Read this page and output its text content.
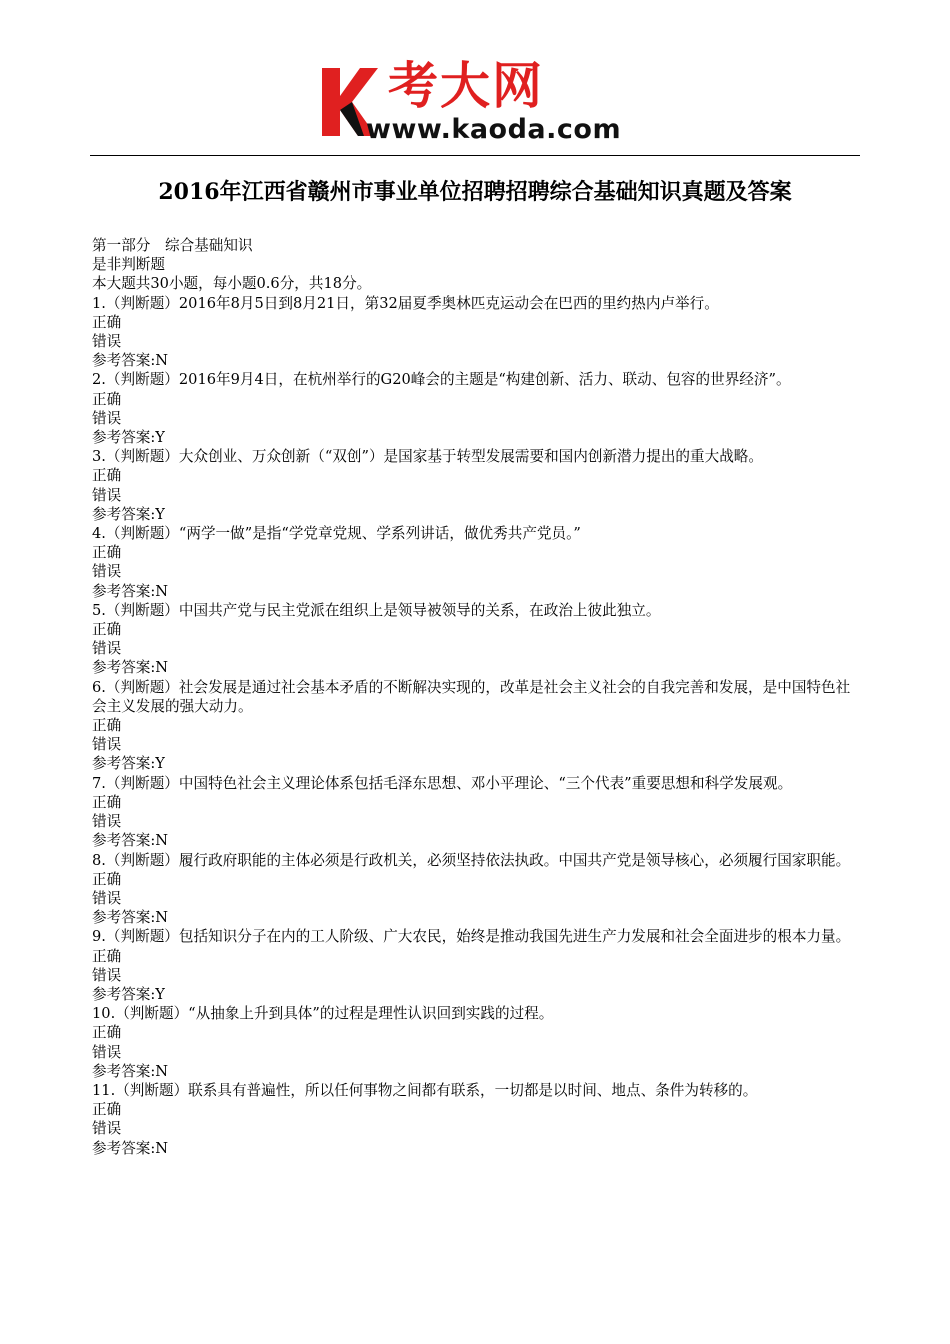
考大网
www.kaoda.com
2016年江西省赣州市事业单位招聘招聘综合基础知识真题及答案
第一部分　综合基础知识
是非判断题
本大题共30小题，每小题0.6分，共18分。
1.（判断题）2016年8月5日到8月21日，第32届夏季奥林匹克运动会在巴西的里约热内卢举行。
正确
错误
参考答案:N
2.（判断题）2016年9月4日，在杭州举行的G20峰会的主题是“构建创新、活力、联动、包容的世界经济”。
正确
错误
参考答案:Y
3.（判断题）大众创业、万众创新（“双创”）是国家基于转型发展需要和国内创新潜力提出的重大战略。
正确
错误
参考答案:Y
4.（判断题）“两学一做”是指“学党章党规、学系列讲话，做优秀共产党员。”
正确
错误
参考答案:N
5.（判断题）中国共产党与民主党派在组织上是领导被领导的关系，在政治上彼此独立。
正确
错误
参考答案:N
6.（判断题）社会发展是通过社会基本矛盾的不断解决实现的，改革是社会主义社会的自我完善和发展，是中国特色社会主义发展的强大动力。
正确
错误
参考答案:Y
7.（判断题）中国特色社会主义理论体系包括毛泽东思想、邓小平理论、“三个代表”重要思想和科学发展观。
正确
错误
参考答案:N
8.（判断题）履行政府职能的主体必须是行政机关，必须坚持依法执政。中国共产党是领导核心，必须履行国家职能。
正确
错误
参考答案:N
9.（判断题）包括知识分子在内的工人阶级、广大农民，始终是推动我国先进生产力发展和社会全面进步的根本力量。
正确
错误
参考答案:Y
10.（判断题）“从抽象上升到具体”的过程是理性认识回到实践的过程。
正确
错误
参考答案:N
11.（判断题）联系具有普遍性，所以任何事物之间都有联系，一切都是以时间、地点、条件为转移的。
正确
错误
参考答案:N
